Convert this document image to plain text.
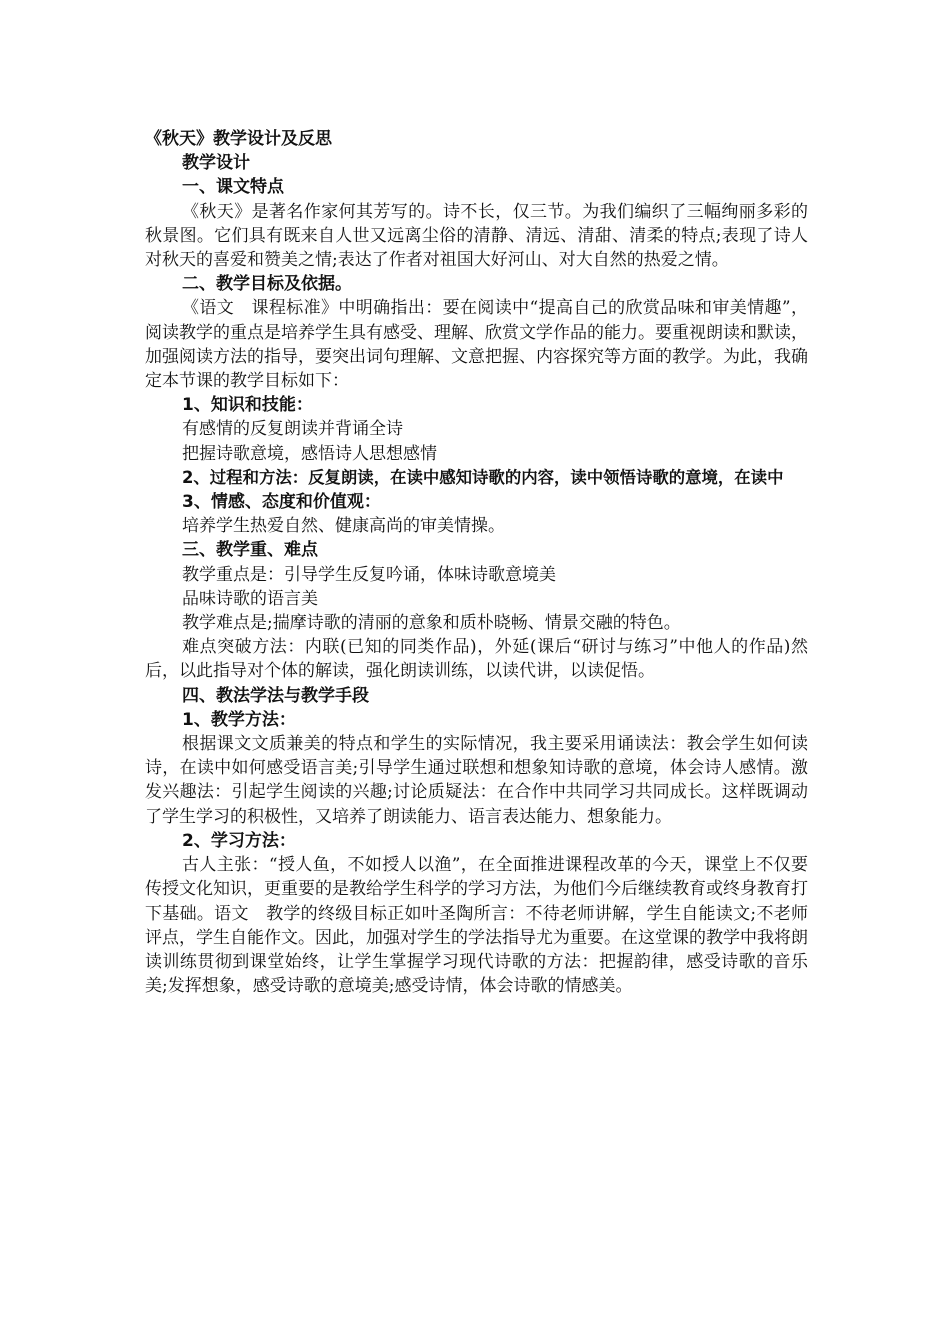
《秋天》教学设计及反思
教学设计
一、课文特点
《秋天》是著名作家何其芳写的。诗不长，仅三节。为我们编织了三幅绚丽多彩的秋景图。它们具有既来自人世又远离尘俗的清静、清远、清甜、清柔的特点;表现了诗人对秋天的喜爱和赞美之情;表达了作者对祖国大好河山、对大自然的热爱之情。
二、教学目标及依据。
《语文　课程标准》中明确指出：要在阅读中“提高自己的欣赏品味和审美情趣”，阅读教学的重点是培养学生具有感受、理解、欣赏文学作品的能力。要重视朗读和默读，加强阅读方法的指导，要突出词句理解、文意把握、内容探究等方面的教学。为此，我确定本节课的教学目标如下：
1、知识和技能：
有感情的反复朗读并背诵全诗
把握诗歌意境，感悟诗人思想感情
2、过程和方法：反复朗读，在读中感知诗歌的内容，读中领悟诗歌的意境，在读中
3、情感、态度和价值观：
培养学生热爱自然、健康高尚的审美情操。
三、教学重、难点
教学重点是：引导学生反复吟诵，体味诗歌意境美
品味诗歌的语言美
教学难点是;揣摩诗歌的清丽的意象和质朴晓畅、情景交融的特色。
难点突破方法：内联(已知的同类作品)，外延(课后“研讨与练习”中他人的作品)然后，以此指导对个体的解读，强化朗读训练，以读代讲，以读促悟。
四、教法学法与教学手段
1、教学方法：
根据课文文质兼美的特点和学生的实际情况，我主要采用诵读法：教会学生如何读诗，在读中如何感受语言美;引导学生通过联想和想象知诗歌的意境，体会诗人感情。激发兴趣法：引起学生阅读的兴趣;讨论质疑法：在合作中共同学习共同成长。这样既调动了学生学习的积极性，又培养了朗读能力、语言表达能力、想象能力。
2、学习方法：
古人主张：“授人鱼，不如授人以渔”，在全面推进课程改革的今天，课堂上不仅要传授文化知识，更重要的是教给学生科学的学习方法，为他们今后继续教育或终身教育打下基础。语文　教学的终级目标正如叶圣陶所言：不待老师讲解，学生自能读文;不老师评点，学生自能作文。因此，加强对学生的学法指导尤为重要。在这堂课的教学中我将朗读训练贯彻到课堂始终，让学生掌握学习现代诗歌的方法：把握韵律，感受诗歌的音乐美;发挥想象，感受诗歌的意境美;感受诗情，体会诗歌的情感美。
